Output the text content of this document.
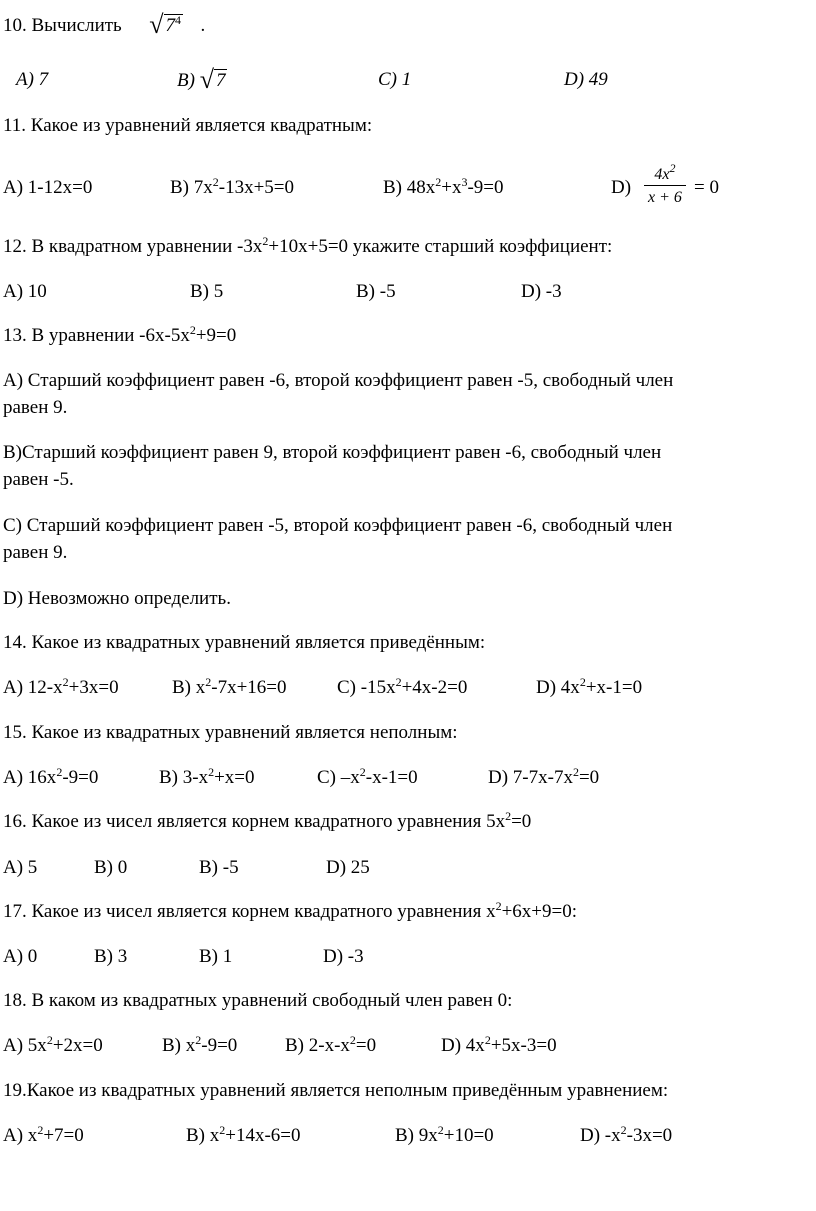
10. Вычислить √ $7^4$ .
A) 7	B) √ 7	C) 1	D) 49
11. Какое из уравнений является квадратным:
A) 1-12x=0	B) $7x^2-13x+5=0$	B) $48x^2+x^3-9=0$	$D) \frac{4x^2}{x + 6} = 0$
12. В квадратном уравнении $-3x^2+10x+5=0$ укажите старший коэффициент:
A) 10	B) 5	B) -5	D) -3
13. В уравнении $-6x-5x^2+9=0$
A) Старший коэффициент равен -6, второй коэффициент равен -5, свободный член
равен 9.
B)Старший коэффициент равен 9, второй коэффициент равен -6, свободный член
равен -5.
C) Старший коэффициент равен -5, второй коэффициент равен -6, свободный член
равен 9.
D) Невозможно определить.
14. Какое из квадратных уравнений является приведённым:
A) $12-x^2+3x=0$	B) $x^2-7x+16=0$	C) $-15x^2+4x-2=0$	D) $4x^2+x-1=0$
15. Какое из квадратных уравнений является неполным:
A) $16x^2-9=0$	B) $3-x^2+x=0$	C) $-x^2-x-1=0$	D) $7-7x-7x^2=0$
16. Какое из чисел является корнем квадратного уравнения $5x^2=0$
A) 5	B) 0	B) -5	D) 25
17. Какое из чисел является корнем квадратного уравнения $x^2+6x+9=0$:
A) 0	B) 3	B) 1	D) -3
18. В каком из квадратных уравнений свободный член равен 0:
A) $5x^2+2x=0$	B) $x^2-9=0$	B) $2-x-x^2=0$	D) $4x^2+5x-3=0$
19.Какое из квадратных уравнений является неполным приведённым уравнением:
A) $x^2+7=0$	B) $x^2+14x-6=0$	B) $9x^2+10=0$	D) $-x^2-3x=0$
